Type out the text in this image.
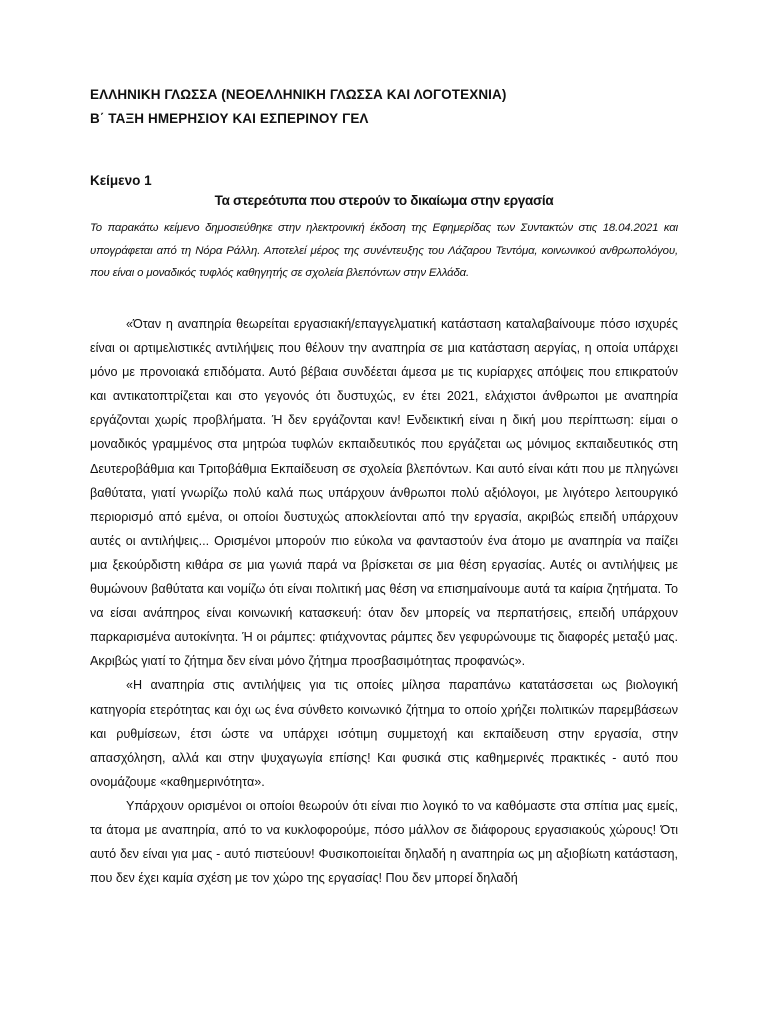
ΕΛΛΗΝΙΚΗ ΓΛΩΣΣΑ (ΝΕΟΕΛΛΗΝΙΚΗ ΓΛΩΣΣΑ ΚΑΙ ΛΟΓΟΤΕΧΝΙΑ)
Β΄ ΤΑΞΗ ΗΜΕΡΗΣΙΟΥ ΚΑΙ ΕΣΠΕΡΙΝΟΥ ΓΕΛ
Κείμενο 1
Τα στερεότυπα που στερούν το δικαίωμα στην εργασία
Το παρακάτω κείμενο δημοσιεύθηκε στην ηλεκτρονική έκδοση της Εφημερίδας των Συντακτών στις 18.04.2021 και υπογράφεται από τη Νόρα Ράλλη. Αποτελεί μέρος της συνέντευξης του Λάζαρου Τεντόμα, κοινωνικού ανθρωπολόγου, που είναι ο μοναδικός τυφλός καθηγητής σε σχολεία βλεπόντων στην Ελλάδα.

«Όταν η αναπηρία θεωρείται εργασιακή/επαγγελματική κατάσταση καταλαβαίνουμε πόσο ισχυρές είναι οι αρτιμελιστικές αντιλήψεις που θέλουν την αναπηρία σε μια κατάσταση αεργίας, η οποία υπάρχει μόνο με προνοιακά επιδόματα. Αυτό βέβαια συνδέεται άμεσα με τις κυρίαρχες απόψεις που επικρατούν και αντικατοπτρίζεται και στο γεγονός ότι δυστυχώς, εν έτει 2021, ελάχιστοι άνθρωποι με αναπηρία εργάζονται χωρίς προβλήματα. Ή δεν εργάζονται καν! Ενδεικτική είναι η δική μου περίπτωση: είμαι ο μοναδικός γραμμένος στα μητρώα τυφλών εκπαιδευτικός που εργάζεται ως μόνιμος εκπαιδευτικός στη Δευτεροβάθμια και Τριτοβάθμια Εκπαίδευση σε σχολεία βλεπόντων. Και αυτό είναι κάτι που με πληγώνει βαθύτατα, γιατί γνωρίζω πολύ καλά πως υπάρχουν άνθρωποι πολύ αξιόλογοι, με λιγότερο λειτουργικό περιορισμό από εμένα, οι οποίοι δυστυχώς αποκλείονται από την εργασία, ακριβώς επειδή υπάρχουν αυτές οι αντιλήψεις... Ορισμένοι μπορούν πιο εύκολα να φανταστούν ένα άτομο με αναπηρία να παίζει μια ξεκούρδιστη κιθάρα σε μια γωνιά παρά να βρίσκεται σε μια θέση εργασίας. Αυτές οι αντιλήψεις με θυμώνουν βαθύτατα και νομίζω ότι είναι πολιτική μας θέση να επισημαίνουμε αυτά τα καίρια ζητήματα. Το να είσαι ανάπηρος είναι κοινωνική κατασκευή: όταν δεν μπορείς να περπατήσεις, επειδή υπάρχουν παρκαρισμένα αυτοκίνητα. Ή οι ράμπες: φτιάχνοντας ράμπες δεν γεφυρώνουμε τις διαφορές μεταξύ μας. Ακριβώς γιατί το ζήτημα δεν είναι μόνο ζήτημα προσβασιμότητας προφανώς».

«Η αναπηρία στις αντιλήψεις για τις οποίες μίλησα παραπάνω κατατάσσεται ως βιολογική κατηγορία ετερότητας και όχι ως ένα σύνθετο κοινωνικό ζήτημα το οποίο χρήζει πολιτικών παρεμβάσεων και ρυθμίσεων, έτσι ώστε να υπάρχει ισότιμη συμμετοχή και εκπαίδευση στην εργασία, στην απασχόληση, αλλά και στην ψυχαγωγία επίσης! Και φυσικά στις καθημερινές πρακτικές - αυτό που ονομάζουμε «καθημερινότητα».

Υπάρχουν ορισμένοι οι οποίοι θεωρούν ότι είναι πιο λογικό το να καθόμαστε στα σπίτια μας εμείς, τα άτομα με αναπηρία, από το να κυκλοφορούμε, πόσο μάλλον σε διάφορους εργασιακούς χώρους! Ότι αυτό δεν είναι για μας - αυτό πιστεύουν! Φυσικοποιείται δηλαδή η αναπηρία ως μη αξιοβίωτη κατάσταση, που δεν έχει καμία σχέση με τον χώρο της εργασίας! Που δεν μπορεί δηλαδή
